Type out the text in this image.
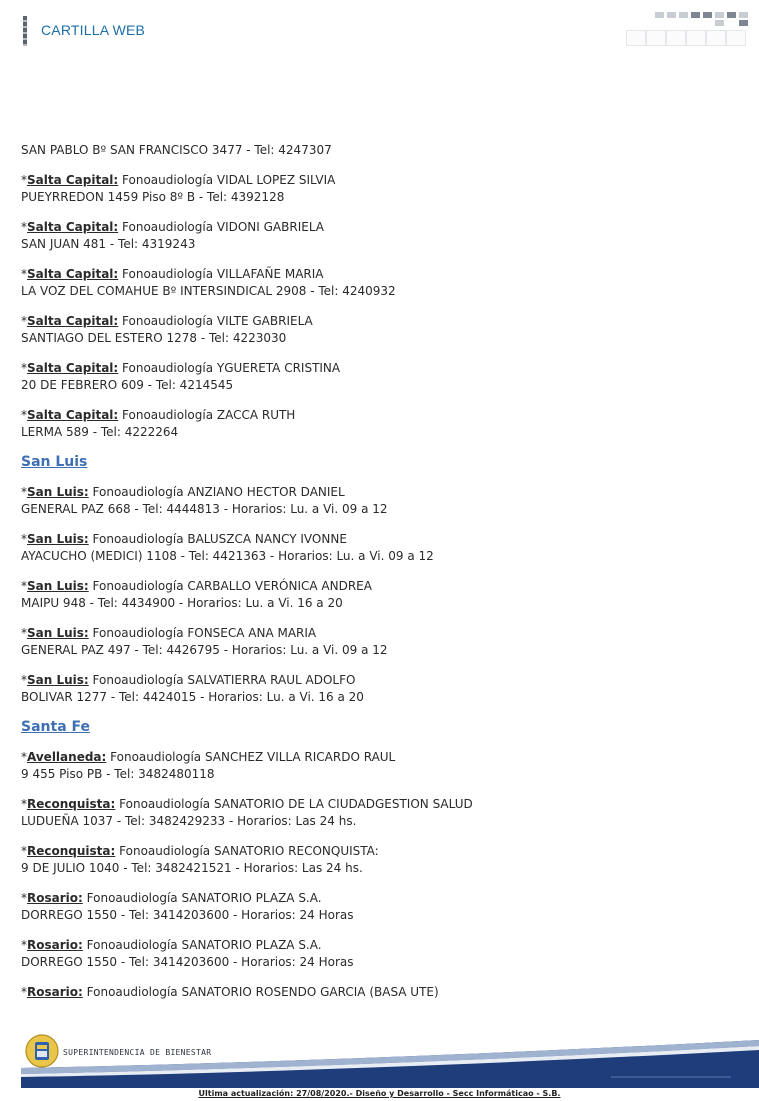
CARTILLA WEB
SAN PABLO Bº SAN FRANCISCO 3477 - Tel: 4247307
*Salta Capital: Fonoaudiología VIDAL LOPEZ SILVIA
PUEYRREDON 1459 Piso 8º B - Tel: 4392128
*Salta Capital: Fonoaudiología VIDONI GABRIELA
SAN JUAN 481 - Tel: 4319243
*Salta Capital: Fonoaudiología VILLAFAÑE MARIA
LA VOZ DEL COMAHUE Bº INTERSINDICAL 2908 - Tel: 4240932
*Salta Capital: Fonoaudiología VILTE GABRIELA
SANTIAGO DEL ESTERO 1278 - Tel: 4223030
*Salta Capital: Fonoaudiología YGUERETA CRISTINA
20 DE FEBRERO 609 - Tel: 4214545
*Salta Capital: Fonoaudiología ZACCA RUTH
LERMA 589 - Tel: 4222264
San Luis
*San Luis: Fonoaudiología ANZIANO HECTOR DANIEL
GENERAL PAZ 668 - Tel: 4444813 - Horarios: Lu. a Vi. 09 a 12
*San Luis: Fonoaudiología BALUSZCA NANCY IVONNE
AYACUCHO (MEDICI) 1108 - Tel: 4421363 - Horarios: Lu. a Vi. 09 a 12
*San Luis: Fonoaudiología CARBALLO VERÓNICA ANDREA
MAIPU 948 - Tel: 4434900 - Horarios: Lu. a Vi. 16 a 20
*San Luis: Fonoaudiología FONSECA ANA MARIA
GENERAL PAZ 497 - Tel: 4426795 - Horarios: Lu. a Vi. 09 a 12
*San Luis: Fonoaudiología SALVATIERRA RAUL ADOLFO
BOLIVAR 1277 - Tel: 4424015 - Horarios: Lu. a Vi. 16 a 20
Santa Fe
*Avellaneda: Fonoaudiología SANCHEZ VILLA RICARDO RAUL
9 455 Piso PB - Tel: 3482480118
*Reconquista: Fonoaudiología SANATORIO DE LA CIUDADGESTION SALUD
LUDUEÑA 1037 - Tel: 3482429233 - Horarios: Las 24 hs.
*Reconquista: Fonoaudiología SANATORIO RECONQUISTA:
9 DE JULIO 1040 - Tel: 3482421521 - Horarios: Las 24 hs.
*Rosario: Fonoaudiología SANATORIO PLAZA S.A.
DORREGO 1550 - Tel: 3414203600 - Horarios: 24 Horas
*Rosario: Fonoaudiología SANATORIO PLAZA S.A.
DORREGO 1550 - Tel: 3414203600 - Horarios: 24 Horas
*Rosario: Fonoaudiología SANATORIO ROSENDO GARCIA (BASA UTE)
SUPERINTENDENCIA DE BIENESTAR
Ultima actualización: 27/08/2020.- Diseño y Desarrollo - Secc Informáticao - S.B.
